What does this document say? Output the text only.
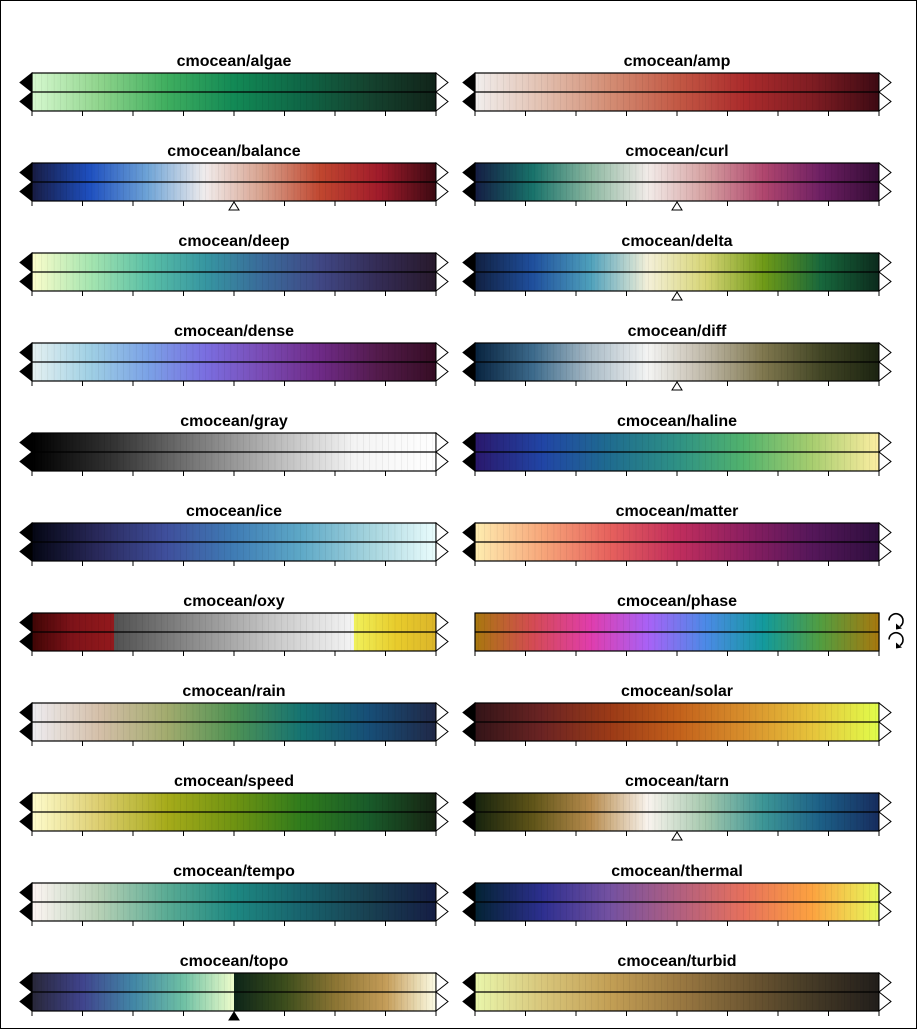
cmocean/algae	cmocean/amp
cmocean/balance	cmocean/curl
cmocean/deep	cmocean/delta
cmocean/dense	cmocean/diff
cmocean/gray	cmocean/haline
cmocean/ice	cmocean/matter
cmocean/oxy	cmocean/phase
cmocean/rain	cmocean/solar
cmocean/speed	cmocean/tarn
cmocean/tempo	cmocean/thermal
cmocean/topo	cmocean/turbid
